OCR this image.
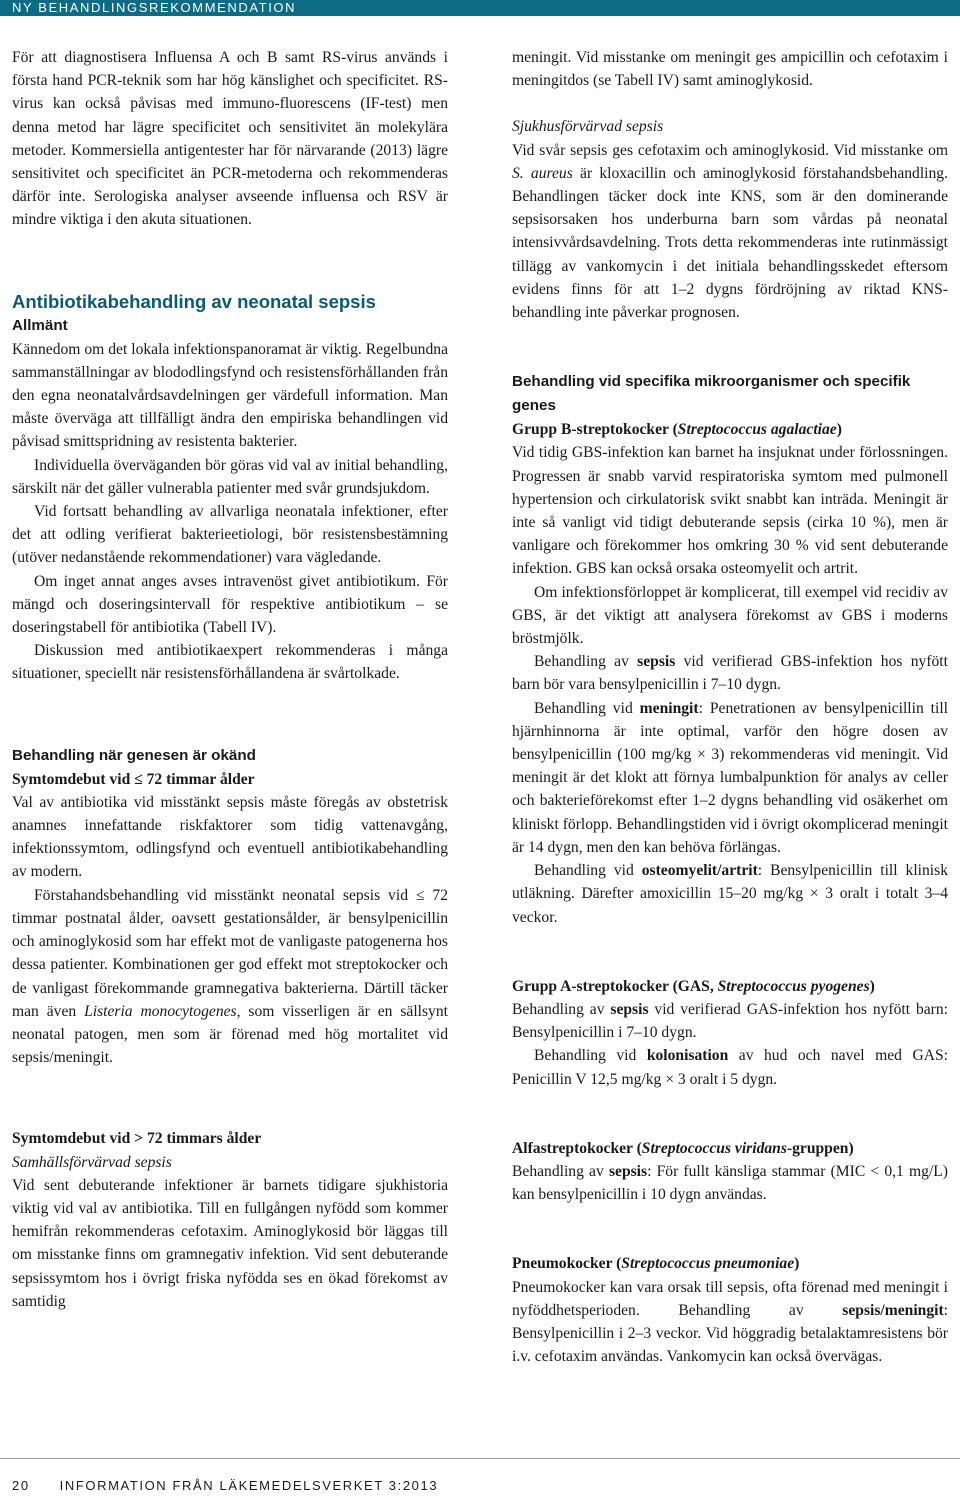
NY BEHANDLINGSREKOMMENDATION

För att diagnostisera Influensa A och B samt RS-virus används i första hand PCR-teknik som har hög känslighet och specificitet. RS-virus kan också påvisas med immuno-fluorescens (IF-test) men denna metod har lägre specificitet och sensitivitet än molekylära metoder. Kommersiella antigentester har för närvarande (2013) lägre sensitivitet och specificitet än PCR-metoderna och rekommenderas därför inte. Serologiska analyser avseende influensa och RSV är mindre viktiga i den akuta situationen.

Antibiotikabehandling av neonatal sepsis
Allmänt

Kännedom om det lokala infektionspanoramat är viktig. Regelbundna sammanställningar av blododlingsfynd och resistensförhållanden från den egna neonatalvårdsavdelningen ger värdefull information. Man måste överväga att tillfälligt ändra den empiriska behandlingen vid påvisad smittspridning av resistenta bakterier.

Individuella överväganden bör göras vid val av initial behandling, särskilt när det gäller vulnerabla patienter med svår grundsjukdom.

Vid fortsatt behandling av allvarliga neonatala infektioner, efter det att odling verifierat bakterieetiologi, bör resistensbestämning (utöver nedanstående rekommendationer) vara vägledande.

Om inget annat anges avses intravenöst givet antibiotikum. För mängd och doseringsintervall för respektive antibiotikum – se doseringstabell för antibiotika (Tabell IV).

Diskussion med antibiotikaexpert rekommenderas i många situationer, speciellt när resistensförhållandena är svårtolkade.

Behandling när genesen är okänd
Symtomdebut vid ≤ 72 timmar ålder

Val av antibiotika vid misstänkt sepsis måste föregås av obstetrisk anamnes innefattande riskfaktorer som tidig vattenavgång, infektionssymtom, odlingsfynd och eventuell antibiotikabehandling av modern.

Förstahandsbehandling vid misstänkt neonatal sepsis vid ≤ 72 timmar postnatal ålder, oavsett gestationsålder, är bensylpenicillin och aminoglykosid som har effekt mot de vanligaste patogenerna hos dessa patienter. Kombinationen ger god effekt mot streptokocker och de vanligast förekommande gramnegativa bakterierna. Därtill täcker man även Listeria monocytogenes, som visserligen är en sällsynt neonatal patogen, men som är förenad med hög mortalitet vid sepsis/meningit.

Symtomdebut vid > 72 timmars ålder
Samhällsförvärvad sepsis

Vid sent debuterande infektioner är barnets tidigare sjukhistoria viktig vid val av antibiotika. Till en fullgången nyfödd som kommer hemifrån rekommenderas cefotaxim. Aminoglykosid bör läggas till om misstanke finns om gramnegativ infektion. Vid sent debuterande sepsissymtom hos i övrigt friska nyfödda ses en ökad förekomst av samtidig

meningit. Vid misstanke om meningit ges ampicillin och cefotaxim i meningitdos (se Tabell IV) samt aminoglykosid.

Sjukhusförvärvad sepsis

Vid svår sepsis ges cefotaxim och aminoglykosid. Vid misstanke om S. aureus är kloxacillin och aminoglykosid förstahandsbehandling. Behandlingen täcker dock inte KNS, som är den dominerande sepsisorsaken hos underburna barn som vårdas på neonatal intensivvårdsavdelning. Trots detta rekommenderas inte rutinmässigt tillägg av vankomycin i det initiala behandlingsskedet eftersom evidens finns för att 1–2 dygns fördröjning av riktad KNS-behandling inte påverkar prognosen.

Behandling vid specifika mikroorganismer och specifik genes
Grupp B-streptokocker (Streptococcus agalactiae)

Vid tidig GBS-infektion kan barnet ha insjuknat under förlossningen. Progressen är snabb varvid respiratoriska symtom med pulmonell hypertension och cirkulatorisk svikt snabbt kan inträda. Meningit är inte så vanligt vid tidigt debuterande sepsis (cirka 10 %), men är vanligare och förekommer hos omkring 30 % vid sent debuterande infektion. GBS kan också orsaka osteomyelit och artrit.

Om infektionsförloppet är komplicerat, till exempel vid recidiv av GBS, är det viktigt att analysera förekomst av GBS i moderns bröstmjölk.

Behandling av sepsis vid verifierad GBS-infektion hos nyfött barn bör vara bensylpenicillin i 7–10 dygn.

Behandling vid meningit: Penetrationen av bensylpenicillin till hjärnhinnorna är inte optimal, varför den högre dosen av bensylpenicillin (100 mg/kg × 3) rekommenderas vid meningit. Vid meningit är det klokt att förnya lumbalpunktion för analys av celler och bakterieförekomst efter 1–2 dygns behandling vid osäkerhet om kliniskt förlopp. Behandlingstiden vid i övrigt okomplicerad meningit är 14 dygn, men den kan behöva förlängas.

Behandling vid osteomyelit/artrit: Bensylpenicillin till klinisk utläkning. Därefter amoxicillin 15–20 mg/kg × 3 oralt i totalt 3–4 veckor.

Grupp A-streptokocker (GAS, Streptococcus pyogenes)

Behandling av sepsis vid verifierad GAS-infektion hos nyfött barn: Bensylpenicillin i 7–10 dygn.

Behandling vid kolonisation av hud och navel med GAS: Penicillin V 12,5 mg/kg × 3 oralt i 5 dygn.

Alfastreptokocker (Streptococcus viridans-gruppen)

Behandling av sepsis: För fullt känsliga stammar (MIC < 0,1 mg/L) kan bensylpenicillin i 10 dygn användas.

Pneumokocker (Streptococcus pneumoniae)

Pneumokocker kan vara orsak till sepsis, ofta förenad med meningit i nyföddhetsperioden. Behandling av sepsis/meningit: Bensylpenicillin i 2–3 veckor. Vid höggradig betalaktamresistens bör i.v. cefotaxim användas. Vankomycin kan också övervägas.

20 INFORMATION FRÅN LÄKEMEDELSVERKET 3:2013
